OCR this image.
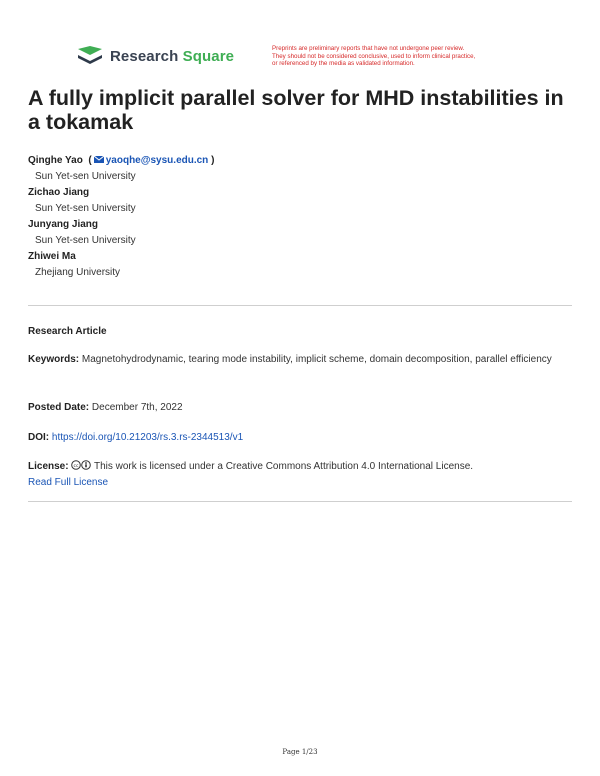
Research Square	Preprints are preliminary reports that have not undergone peer review.
They should not be considered conclusive, used to inform clinical practice,
or referenced by the media as validated information.
A fully implicit parallel solver for MHD instabilities in a tokamak
Qinghe Yao  ( yaoqhe@sysu.edu.cn )
Sun Yet-sen University
Zichao Jiang
Sun Yet-sen University
Junyang Jiang
Sun Yet-sen University
Zhiwei Ma
Zhejiang University
Research Article
Keywords: Magnetohydrodynamic, tearing mode instability, implicit scheme, domain decomposition, parallel efficiency
Posted Date: December 7th, 2022
DOI: https://doi.org/10.21203/rs.3.rs-2344513/v1
License: cc This work is licensed under a Creative Commons Attribution 4.0 International License.
Read Full License
Page 1/23
